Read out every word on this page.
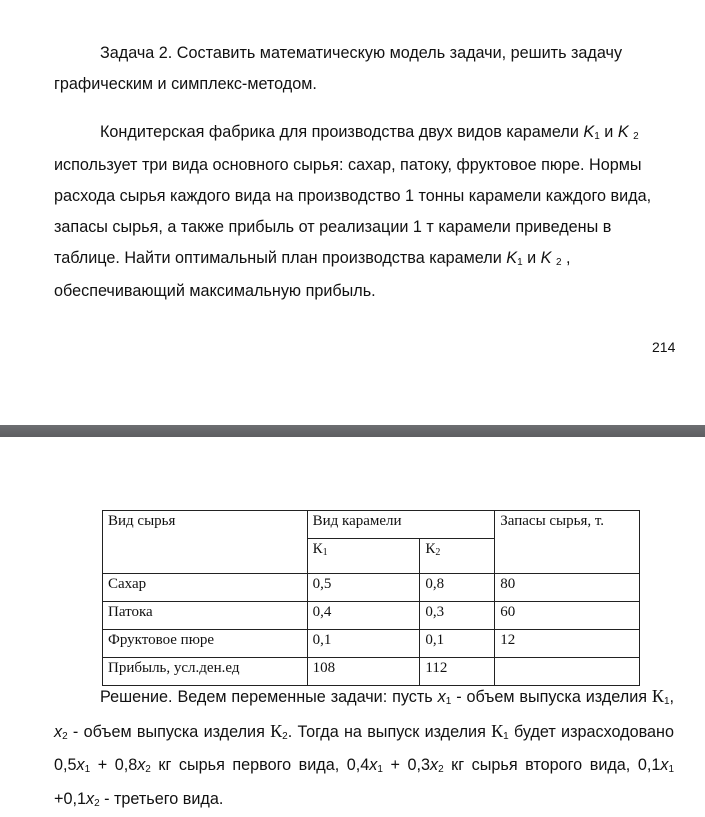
Задача 2. Составить математическую модель задачи, решить задачу графическим и симплекс-методом.

Кондитерская фабрика для производства двух видов карамели K1 и K 2 использует три вида основного сырья: сахар, патоку, фруктовое пюре. Нормы расхода сырья каждого вида на производство 1 тонны карамели каждого вида, запасы сырья, а также прибыль от реализации 1 т карамели приведены в таблице. Найти оптимальный план производства карамели K1 и K 2 , обеспечивающий максимальную прибыль.

214
Вид сырья	Вид карамели		Запасы сырья, т.
	К1	К2	
Сахар	0,5	0,8	80
Патока	0,4	0,3	60
Фруктовое пюре	0,1	0,1	12
Прибыль, усл.ден.ед	108	112	

Решение. Ведем переменные задачи: пусть x1 - объем выпуска изделия К1, x2 - объем выпуска изделия К2. Тогда на выпуск изделия К1 будет израсходовано 0,5x1 + 0,8x2 кг сырья первого вида, 0,4x1 + 0,3x2 кг сырья второго вида, 0,1x1 +0,1x2 - третьего вида.
